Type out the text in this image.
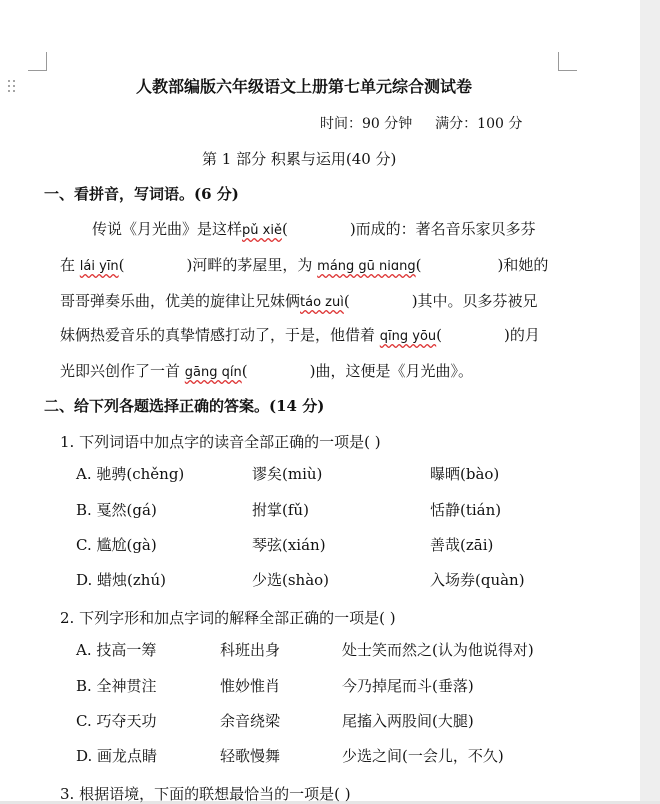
人教部编版六年级语文上册第七单元综合测试卷
时间：90 分钟 满分：100 分
第 1 部分 积累与运用(40 分)
一、看拼音，写词语。(6 分)
传说《月光曲》是这样pǔ xiě(	)而成的：著名音乐家贝多芬
在 lái yīn(	)河畔的茅屋里，为 máng gū niɑng(	)和她的
哥哥弹奏乐曲，优美的旋律让兄妹俩táo zuì(	)其中。贝多芬被兄
妹俩热爱音乐的真挚情感打动了，于是，他借着 qīng yōu(	)的月
光即兴创作了一首 gāng qín(	)曲，这便是《月光曲》。
二、给下列各题选择正确的答案。(14 分)
1. 下列词语中加点字的读音全部正确的一项是( )
A. 驰骋(chěng)	谬矣(miù)	曝晒(bào)
B. 戛然(gá)	拊掌(fǔ)	恬静(tián)
C. 尴尬(gà)	琴弦(xián)	善哉(zāi)
D. 蜡烛(zhú)	少选(shào)	入场券(quàn)
2. 下列字形和加点字词的解释全部正确的一项是( )
A. 技高一筹	科班出身	处士笑而然之(认为他说得对)
B. 全神贯注	惟妙惟肖	今乃掉尾而斗(垂落)
C. 巧夺天功	余音绕梁	尾搐入两股间(大腿)
D. 画龙点睛	轻歌慢舞	少选之间(一会儿，不久)
3. 根据语境，下面的联想最恰当的一项是( )
